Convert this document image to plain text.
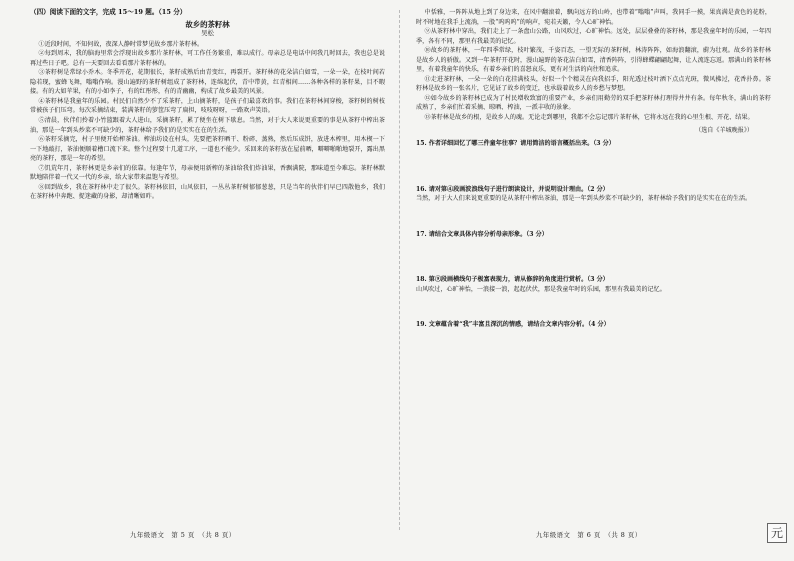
（四）阅读下面的文字，完成 15～19 题。（15 分）
故乡的茶籽林
吴松

①近段时间，不知何故，夜深人静时常梦见故乡那片茶籽林。

②每到周末，我的脑海里常会浮现出故乡那片茶籽林，可工作任务繁重，难以成行。母亲总是电话中问我几时回去，我也总是说再过些日子吧。总有一天要回去看看那片茶籽林的。

③茶籽树是常绿小乔木。冬季开花，花期很长，茶籽成熟后由青变红，再裂开。茶籽林的花朵洁白如雪，一朵一朵，在枝叶间若隐若现，蜜蜂飞舞，嗡嗡作响。漫山遍野的茶籽树组成了茶籽林，连绵起伏，青中带黄，红青相间……各种各样的茶籽果，目不暇接。有的大如苹果，有的小如李子，有的红彤彤，有的青幽幽，构成了故乡最美的风景。

④茶籽林是我童年的乐园。村民们自然少不了采茶籽，上山摘茶籽，是孩子们最喜欢的事。我们在茶籽林间穿梭，茶籽树的树枝常被孩子们压弯。每次采摘结束，装满茶籽的箩筐压弯了扁担，吱吱呀呀，一路欢声笑语。

⑤清晨，伙伴们拎着小竹篮跟着大人进山，采摘茶籽，累了便坐在树下歇息。当然，对于大人来说更重要的事是从茶籽中榨出茶油，那是一年到头炒菜不可缺少的，茶籽林给予我们的是实实在在的生活。

⑥茶籽采摘完，村子里便开始榨茶油。榨油坊设在村头，先要把茶籽晒干、粉碎、蒸熟，然后压成饼，放进木榨里，用木楔一下一下地敲打，茶油便顺着槽口流下来。整个过程要十几道工序，一道也不能少。采回来的茶籽放在屋前晒，噼噼啪啪地裂开，露出黑亮的茶籽，那是一年的希望。

⑦饥荒年月，茶籽林更是乡亲们的依靠。每逢年节，母亲便用新榨的茶油给我们炸油果，香飘满院，那味道至今难忘。茶籽林默默地陪伴着一代又一代的乡亲，给大家带来温饱与希望。

⑧回到故乡，我在茶籽林中走了很久。茶籽林依旧，山风依旧，一丛丛茶籽树郁郁葱葱，只是当年的伙伴们早已四散他乡，我们在茶籽林中奔跑、捉迷藏的身影，却清晰如昨。

中恬雅，一阵阵从地上到了身边来，在风中翻滚着，飘向远方的山岭，也带着“嗡嗡”声叫，我同手一摸，果真满是黄色的花粉，时不时地在我手上流淌，一股“呜呜呜”的响声，宛若天籁，令人心旷神怡。

⑨从茶籽林中穿出，我们走上了一条盘山公路，山风吹过，心旷神怡。远处，层层叠叠的茶籽林，那是我童年时的乐园，一年四季，各有不同，那里有我最美的记忆。

⑩故乡的茶籽林，一年四季常绿，枝叶繁茂，千姿百态，一望无际的茶籽树，林涛阵阵，如海浪翻滚，蔚为壮观。故乡的茶籽林是故乡人的骄傲。又到一年茶籽开花时，漫山遍野的茶花洁白如雪，清香阵阵，引得蜂蝶翩翩起舞，让人流连忘返。那满山的茶籽林里，有着我童年的快乐，有着乡亲们的喜怒哀乐，更有对生活的向往和追求。

⑪走进茶籽林，一朵一朵的白花挂满枝头，好似一个个精灵在向我招手，阳光透过枝叶洒下点点光斑，微风拂过，花香扑鼻。茶籽林是故乡的一张名片，它见证了故乡的变迁，也承载着故乡人的乡愁与梦想。

⑫如今故乡的茶籽林已成为了村民增收致富的重要产业，乡亲们用勤劳的双手把茶籽林打理得井井有条。每年秋冬，满山的茶籽成熟了，乡亲们忙着采摘、晾晒、榨油，一派丰收的景象。

⑬茶籽林是故乡的根，是故乡人的魂。无论走到哪里，我都不会忘记那片茶籽林，它将永远在我的心里生根、开花、结果。

（选自《羊城晚报》）

15. 作者详细回忆了哪三件童年往事？请用简洁的语言概括出来。（3 分）

16. 请对第④段画波浪线句子进行朗读设计，并说明设计理由。（2 分）

当然，对于大人们来说更重要的是从茶籽中榨出茶油，那是一年到头炒菜不可缺少的，茶籽林给予我们的是实实在在的生活。

17. 请结合文章具体内容分析母亲形象。（3 分）

18. 第⑨段画横线句子极富表现力，请从修辞的角度进行赏析。（3 分）

山风吹过，心旷神怡，一浪接一浪，起起伏伏，那是我童年时的乐园，那里有我最美的记忆。

19. 文章蕴含着“我”丰富且深沉的情感，请结合文章内容分析。（4 分）

九年级语文　第 5 页　（共 8 页）	九年级语文　第 6 页　（共 8 页）	元
